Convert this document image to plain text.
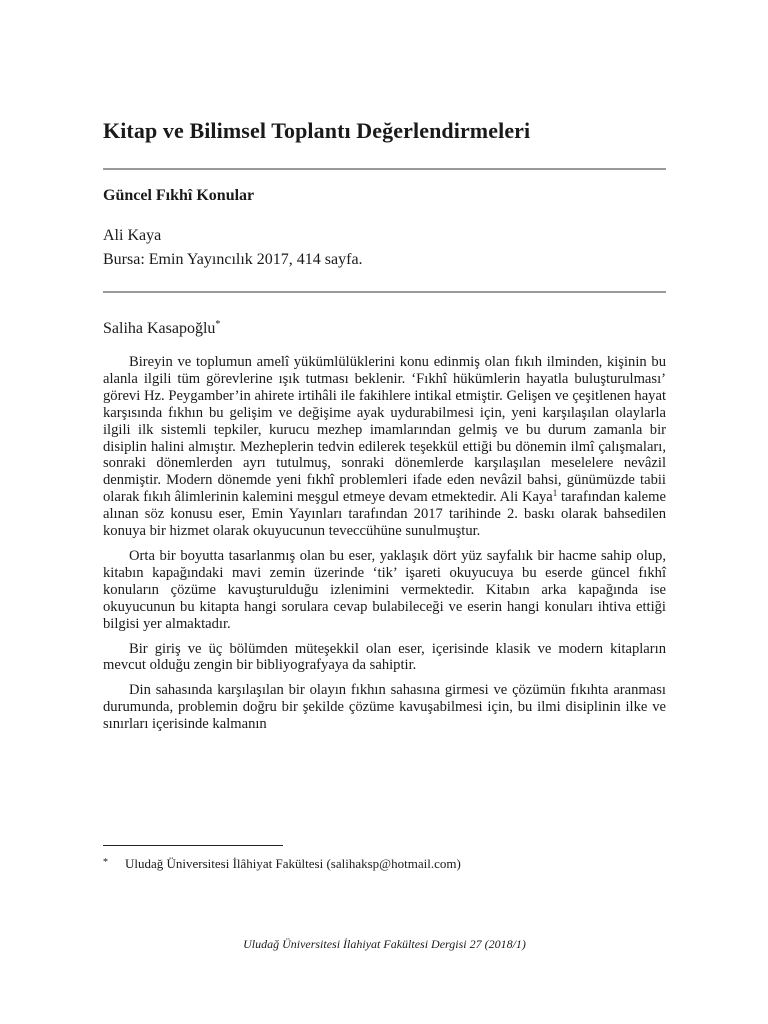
Kitap ve Bilimsel Toplantı Değerlendirmeleri
Güncel Fıkhî Konular
Ali Kaya
Bursa: Emin Yayıncılık 2017, 414 sayfa.
Saliha Kasapoğlu*

Bireyin ve toplumun amelî yükümlülüklerini konu edinmiş olan fıkıh ilminden, kişinin bu alanla ilgili tüm görevlerine ışık tutması beklenir. ‘Fıkhî hükümlerin hayatla buluşturulması’ görevi Hz. Peygamber’in ahirete irtihâli ile fakihlere intikal etmiştir. Gelişen ve çeşitlenen hayat karşısında fıkhın bu gelişim ve değişime ayak uydurabilmesi için, yeni karşılaşılan olaylarla ilgili ilk sistemli tepkiler, kurucu mezhep imamlarından gelmiş ve bu durum zamanla bir disiplin halini almıştır. Mezheplerin tedvin edilerek teşekkül ettiği bu dönemin ilmî çalışmaları, sonraki dönemlerden ayrı tutulmuş, sonraki dönemlerde karşılaşılan meselelere nevâzil denmiştir. Modern dönemde yeni fıkhî problemleri ifade eden nevâzil bahsi, günümüzde tabii olarak fıkıh âlimlerinin kalemini meşgul etmeye devam etmektedir. Ali Kaya$^1$ tarafından kaleme alınan söz konusu eser, Emin Yayınları tarafından 2017 tarihinde 2. baskı olarak bahsedilen konuya bir hizmet olarak okuyucunun teveccühüne sunulmuştur.

Orta bir boyutta tasarlanmış olan bu eser, yaklaşık dört yüz sayfalık bir hacme sahip olup, kitabın kapağındaki mavi zemin üzerinde ‘tik’ işareti okuyucuya bu eserde güncel fıkhî konuların çözüme kavuşturulduğu izlenimini vermektedir. Kitabın arka kapağında ise okuyucunun bu kitapta hangi sorulara cevap bulabileceği ve eserin hangi konuları ihtiva ettiği bilgisi yer almaktadır.

Bir giriş ve üç bölümden müteşekkil olan eser, içerisinde klasik ve modern kitapların mevcut olduğu zengin bir bibliyografyaya da sahiptir.

Din sahasında karşılaşılan bir olayın fıkhın sahasına girmesi ve çözümün fıkıhta aranması durumunda, problemin doğru bir şekilde çözüme kavuşabilmesi için, bu ilmi disiplinin ilke ve sınırları içerisinde kalmanın

* Uludağ Üniversitesi İlâhiyat Fakültesi (salihaksp@hotmail.com)
Uludağ Üniversitesi İlahiyat Fakültesi Dergisi 27 (2018/1)
